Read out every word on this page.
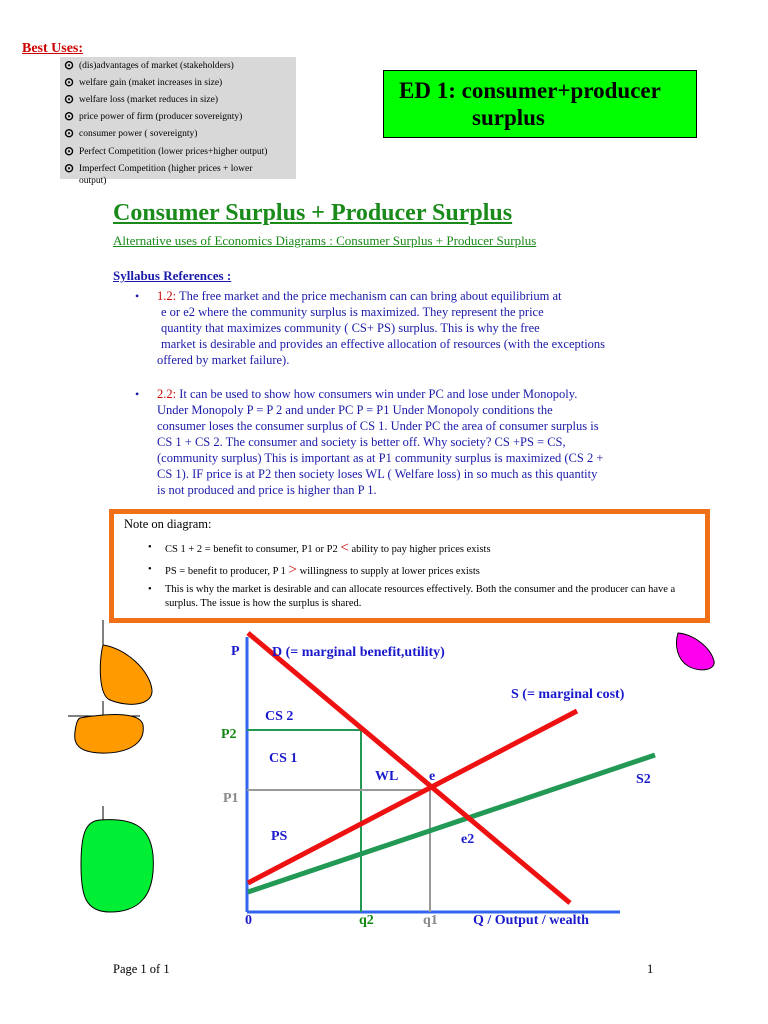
Best Uses:
⊙ (dis)advantages of market (stakeholders)
⊙ welfare gain (maket increases in size)
⊙ welfare loss (market reduces in size)
⊙ price power of firm (producer sovereignty)
⊙ consumer power ( sovereignty)
⊙ Perfect Competition (lower prices+higher output)
⊙ Imperfect Competition (higher prices + lower
output)
ED 1: consumer+producer
surplus
Consumer Surplus + Producer Surplus
Alternative uses of Economics Diagrams : Consumer Surplus + Producer Surplus
Syllabus References :
• 1.2: The free market and the price mechanism can can bring about equilibrium at
e or e2 where the community surplus is maximized. They represent the price
quantity that maximizes community ( CS+ PS) surplus. This is why the free
market is desirable and provides an effective allocation of resources (with the exceptions
offered by market failure).
• 2.2: It can be used to show how consumers win under PC and lose under Monopoly.
Under Monopoly P = P 2 and under PC P = P1 Under Monopoly conditions the
consumer loses the consumer surplus of CS 1. Under PC the area of consumer surplus is
CS 1 + CS 2. The consumer and society is better off. Why society? CS +PS = CS,
(community surplus) This is important as at P1 community surplus is maximized (CS 2 +
CS 1). IF price is at P2 then society loses WL ( Welfare loss) in so much as this quantity
is not produced and price is higher than P 1.
Note on diagram:
• CS 1 + 2 = benefit to consumer, P1 or P2 < ability to pay higher prices exists
• PS = benefit to producer, P 1 > willingness to supply at lower prices exists
• This is why the market is desirable and can allocate resources effectively. Both the consumer and the producer can have a surplus. The issue is how the surplus is shared.
P D (= marginal benefit,utility)
S (= marginal cost)
S2
P2
P1
CS 2
CS 1
WL e
PS	e2
0	q2	q1	Q / Output / wealth
Page 1 of 1	1
